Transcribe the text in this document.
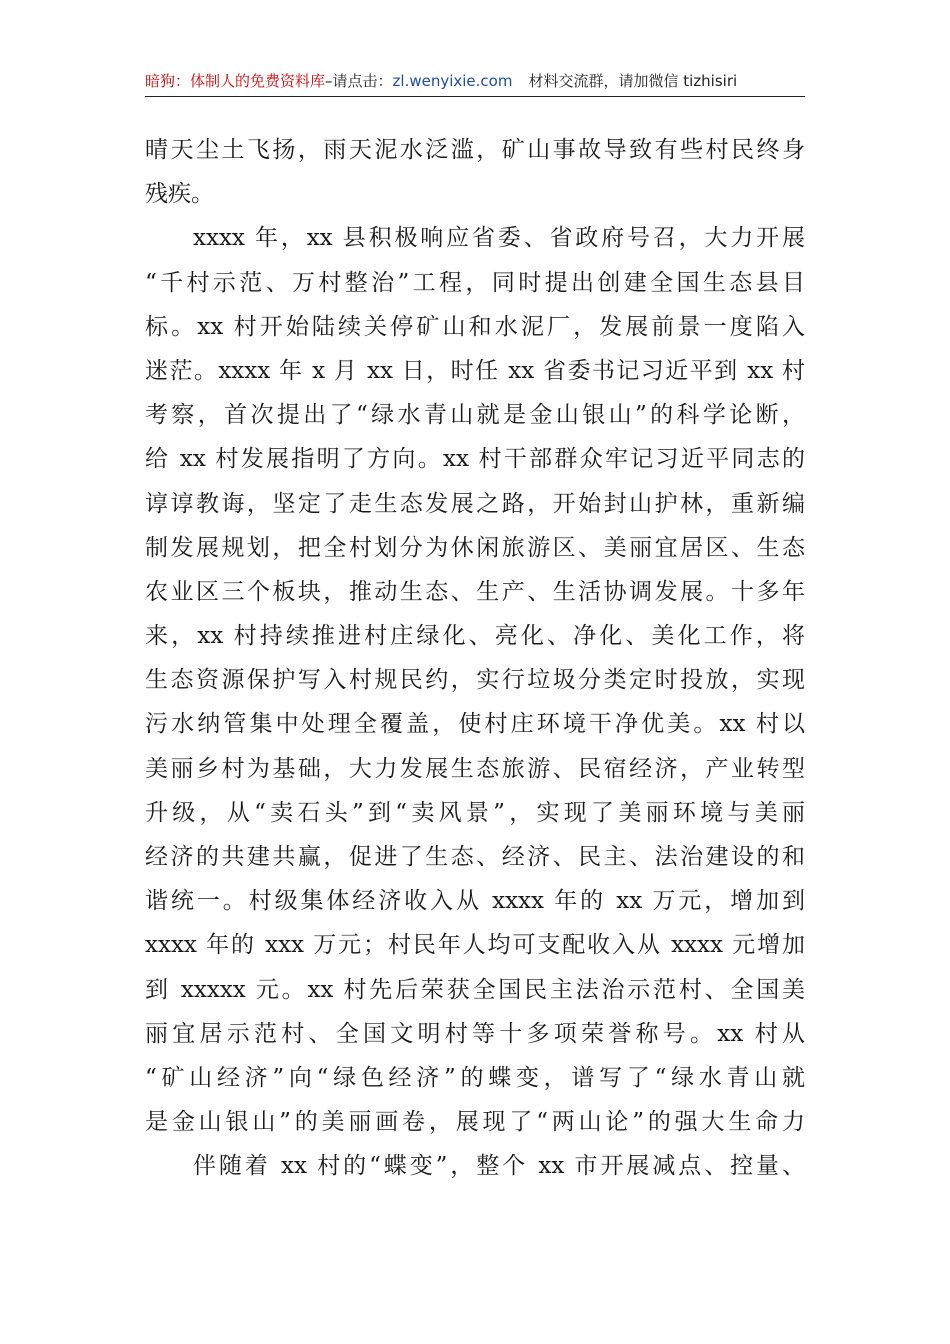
暗狗：体制人的免费资料库–请点击：zl.wenyixie.com 材料交流群，请加微信 tizhisiri
晴天尘土飞扬，雨天泥水泛滥，矿山事故导致有些村民终身
残疾。
xxxx 年，xx 县积极响应省委、省政府号召，大力开展
“千村示范、万村整治”工程，同时提出创建全国生态县目
标。xx 村开始陆续关停矿山和水泥厂，发展前景一度陷入
迷茫。xxxx 年 x 月 xx 日，时任 xx 省委书记习近平到 xx 村
考察，首次提出了“绿水青山就是金山银山”的科学论断，
给 xx 村发展指明了方向。xx 村干部群众牢记习近平同志的
谆谆教诲，坚定了走生态发展之路，开始封山护林，重新编
制发展规划，把全村划分为休闲旅游区、美丽宜居区、生态
农业区三个板块，推动生态、生产、生活协调发展。十多年
来，xx 村持续推进村庄绿化、亮化、净化、美化工作，将
生态资源保护写入村规民约，实行垃圾分类定时投放，实现
污水纳管集中处理全覆盖，使村庄环境干净优美。xx 村以
美丽乡村为基础，大力发展生态旅游、民宿经济，产业转型
升级，从“卖石头”到“卖风景”，实现了美丽环境与美丽
经济的共建共赢，促进了生态、经济、民主、法治建设的和
谐统一。村级集体经济收入从 xxxx 年的 xx 万元，增加到
xxxx 年的 xxx 万元；村民年人均可支配收入从 xxxx 元增加
到 xxxxx 元。xx 村先后荣获全国民主法治示范村、全国美
丽宜居示范村、全国文明村等十多项荣誉称号。xx 村从
“矿山经济”向“绿色经济”的蝶变，谱写了“绿水青山就
是金山银山”的美丽画卷，展现了“两山论”的强大生命力
伴随着 xx 村的“蝶变”，整个 xx 市开展减点、控量、
